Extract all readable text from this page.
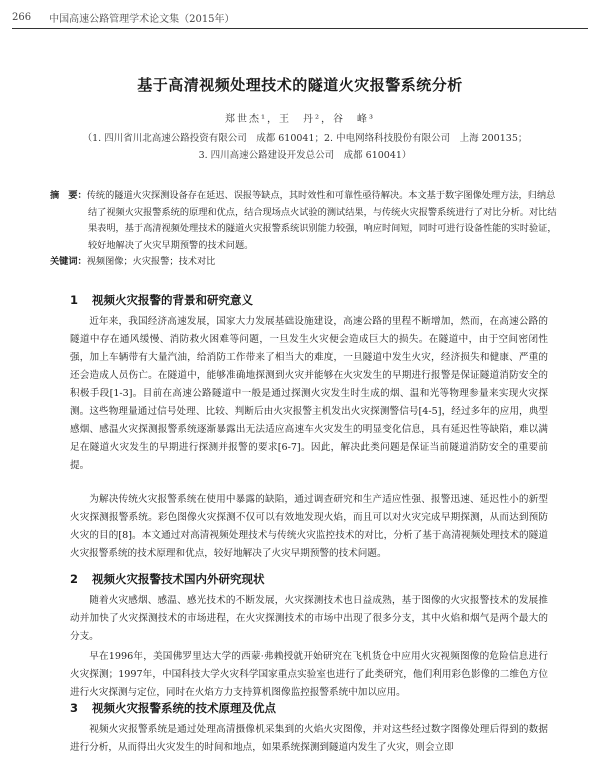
266 中国高速公路管理学术论文集（2015年）
基于高清视频处理技术的隧道火灾报警系统分析
郑世杰¹，王　丹²，谷　峰³
（1. 四川省川北高速公路投资有限公司　成都 610041；2. 中电网络科技股份有限公司　上海 200135；
3. 四川高速公路建设开发总公司　成都 610041）
摘　要：传统的隧道火灾探测设备存在延迟、误报等缺点，其时效性和可靠性亟待解决。本文基于数字图像处理方法，归纳总结了视频火灾报警系统的原理和优点，结合现场点火试验的测试结果，与传统火灾报警系统进行了对比分析。对比结果表明，基于高清视频处理技术的隧道火灾报警系统识别能力较强，响应时间短，同时可进行设备性能的实时验证，较好地解决了火灾早期预警的技术问题。
关键词：视频图像；火灾报警；技术对比
1 视频火灾报警的背景和研究意义
近年来，我国经济高速发展，国家大力发展基础设施建设，高速公路的里程不断增加，然而，在高速公路的隧道中存在通风缓慢、消防救火困难等问题，一旦发生火灾便会造成巨大的损失。在隧道中，由于空间密闭性强，加上车辆带有大量汽油，给消防工作带来了相当大的难度，一旦隧道中发生火灾，经济损失和健康、严重的还会造成人员伤亡。在隧道中，能够准确地探测到火灾并能够在火灾发生的早期进行报警是保证隧道消防安全的积极手段[1-3]。目前在高速公路隧道中一般是通过探测火灾发生时生成的烟、温和光等物理参量来实现火灾探测。这些物理量通过信号处理、比较、判断后由火灾报警主机发出火灾探测警信号[4-5]，经过多年的应用，典型感烟、感温火灾探测报警系统逐渐暴露出无法适应高速车火灾发生的明显变化信息，具有延迟性等缺陷，难以满足在隧道火灾发生的早期进行探测并报警的要求[6-7]。因此，解决此类问题是保证当前隧道消防安全的重要前提。
为解决传统火灾报警系统在使用中暴露的缺陷，通过调查研究和生产适应性强、报警迅速、延迟性小的新型火灾探测报警系统。彩色图像火灾探测不仅可以有效地发现火焰，而且可以对火灾完成早期探测，从而达到预防火灾的目的[8]。本文通过对高清视频处理技术与传统火灾监控技术的对比，分析了基于高清视频处理技术的隧道火灾报警系统的技术原理和优点，较好地解决了火灾早期预警的技术问题。
2 视频火灾报警技术国内外研究现状
随着火灾感烟、感温、感光技术的不断发展，火灾探测技术也日益成熟，基于图像的火灾报警技术的发展推动并加快了火灾探测技术的市场进程，在火灾探测技术的市场中出现了很多分支，其中火焰和烟气是两个最大的分支。
早在1996年，美国佛罗里达大学的西蒙·弗赖授就开始研究在飞机货仓中应用火灾视频图像的危险信息进行火灾探测；1997年，中国科技大学火灾科学国家重点实验室也进行了此类研究，他们利用彩色影像的二维色方位进行火灾探测与定位，同时在火焰方力支持算机图像监控报警系统中加以应用。
3 视频火灾报警系统的技术原理及优点
视频火灾报警系统是通过处理高清摄像机采集到的火焰火灾图像，并对这些经过数字图像处理后得到的数据进行分析，从而得出火灾发生的时间和地点，如果系统探测到隧道内发生了火灾，则会立即
